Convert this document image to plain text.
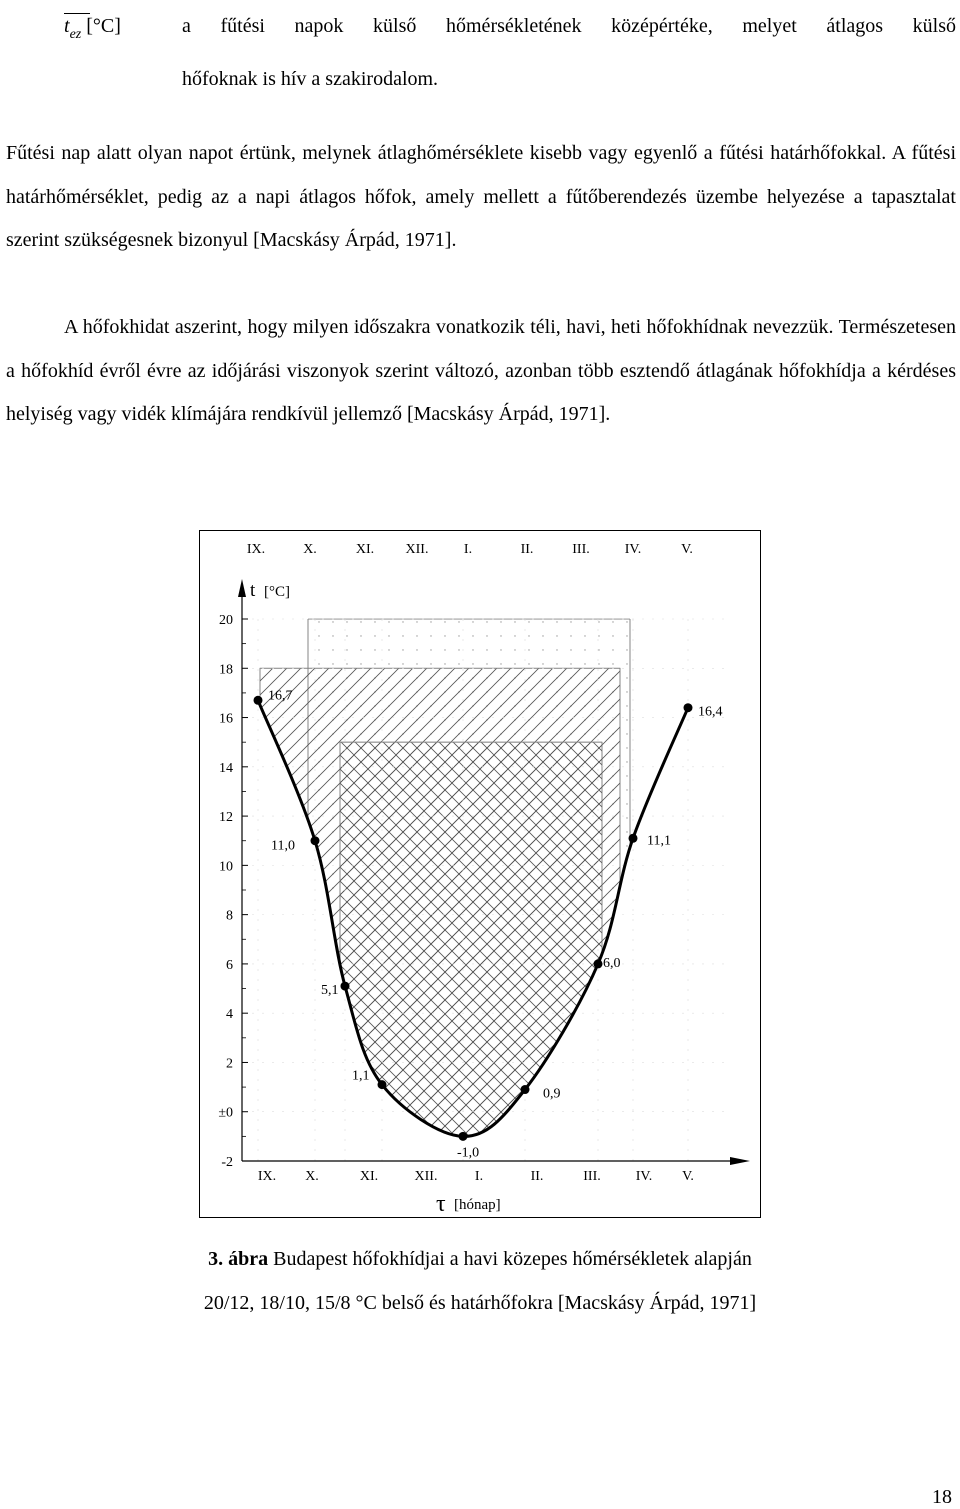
$t_{ez}$ [°C]	a fűtési napok külső hőmérsékletének középértéke, melyet átlagos külső
hőfoknak is hív a szakirodalom.

Fűtési nap alatt olyan napot értünk, melynek átlaghőmérséklete kisebb vagy egyenlő a fűtési határhőfokkal. A fűtési határhőmérséklet, pedig az a napi átlagos hőfok, amely mellett a fűtőberendezés üzembe helyezése a tapasztalat szerint szükségesnek bizonyul [Macskásy Árpád, 1971].

A hőfokhidat aszerint, hogy milyen időszakra vonatkozik téli, havi, heti hőfokhídnak nevezzük. Természetesen a hőfokhíd évről évre az időjárási viszonyok szerint változó, azonban több esztendő átlagának hőfokhídja a kérdéses helyiség vagy vidék klímájára rendkívül jellemző [Macskásy Árpád, 1971].

20
18
16
14
12
10
8
6
4
2
±0
-2
t [°C]
τ [hónap]
IX.	X.	XI. XII.	I.	II.	III.	IV.	V.
IX. X.	XI.	XII.	I.	II.	III.	IV. V.
16,7
11,0
5,1
1,1
-1,0
0,9
6,0
11,1
16,4
3. ábra Budapest hőfokhídjai a havi közepes hőmérsékletek alapján
20/12, 18/10, 15/8 °C belső és határhőfokra [Macskásy Árpád, 1971]
18
